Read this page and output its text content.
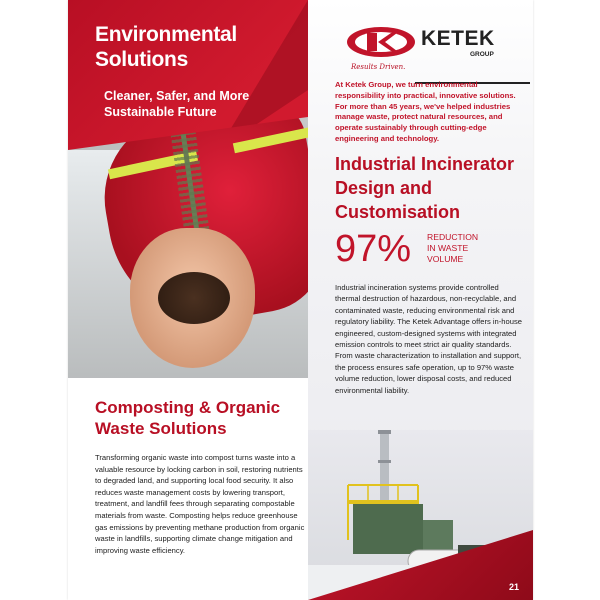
Environmental
Solutions
Cleaner, Safer, and More
Sustainable Future
Composting & Organic
Waste Solutions
Transforming organic waste into compost turns waste into a valuable resource by locking carbon in soil, restoring nutrients to degraded land, and supporting local food security. It also reduces waste management costs by lowering transport, treatment, and landfill fees through separating compostable materials from waste. Composting helps reduce greenhouse gas emissions by preventing methane production from organic waste in landfills, supporting climate change mitigation and improving waste efficiency.
KETEK
GROUP
Results Driven.
At Ketek Group, we turn environmental responsibility into practical, innovative solutions. For more than 45 years, we've helped industries manage waste, protect natural resources, and operate sustainably through cutting-edge engineering and technology.
Industrial Incinerator
Design and
Customisation
97% REDUCTION
IN WASTE
VOLUME
Industrial incineration systems provide controlled thermal destruction of hazardous, non-recyclable, and contaminated waste, reducing environmental risk and regulatory liability. The Ketek Advantage offers in-house engineered, custom-designed systems with integrated emission controls to meet strict air quality standards. From waste characterization to installation and support, the process ensures safe operation, up to 97% waste volume reduction, lower disposal costs, and reduced environmental liability.
21
